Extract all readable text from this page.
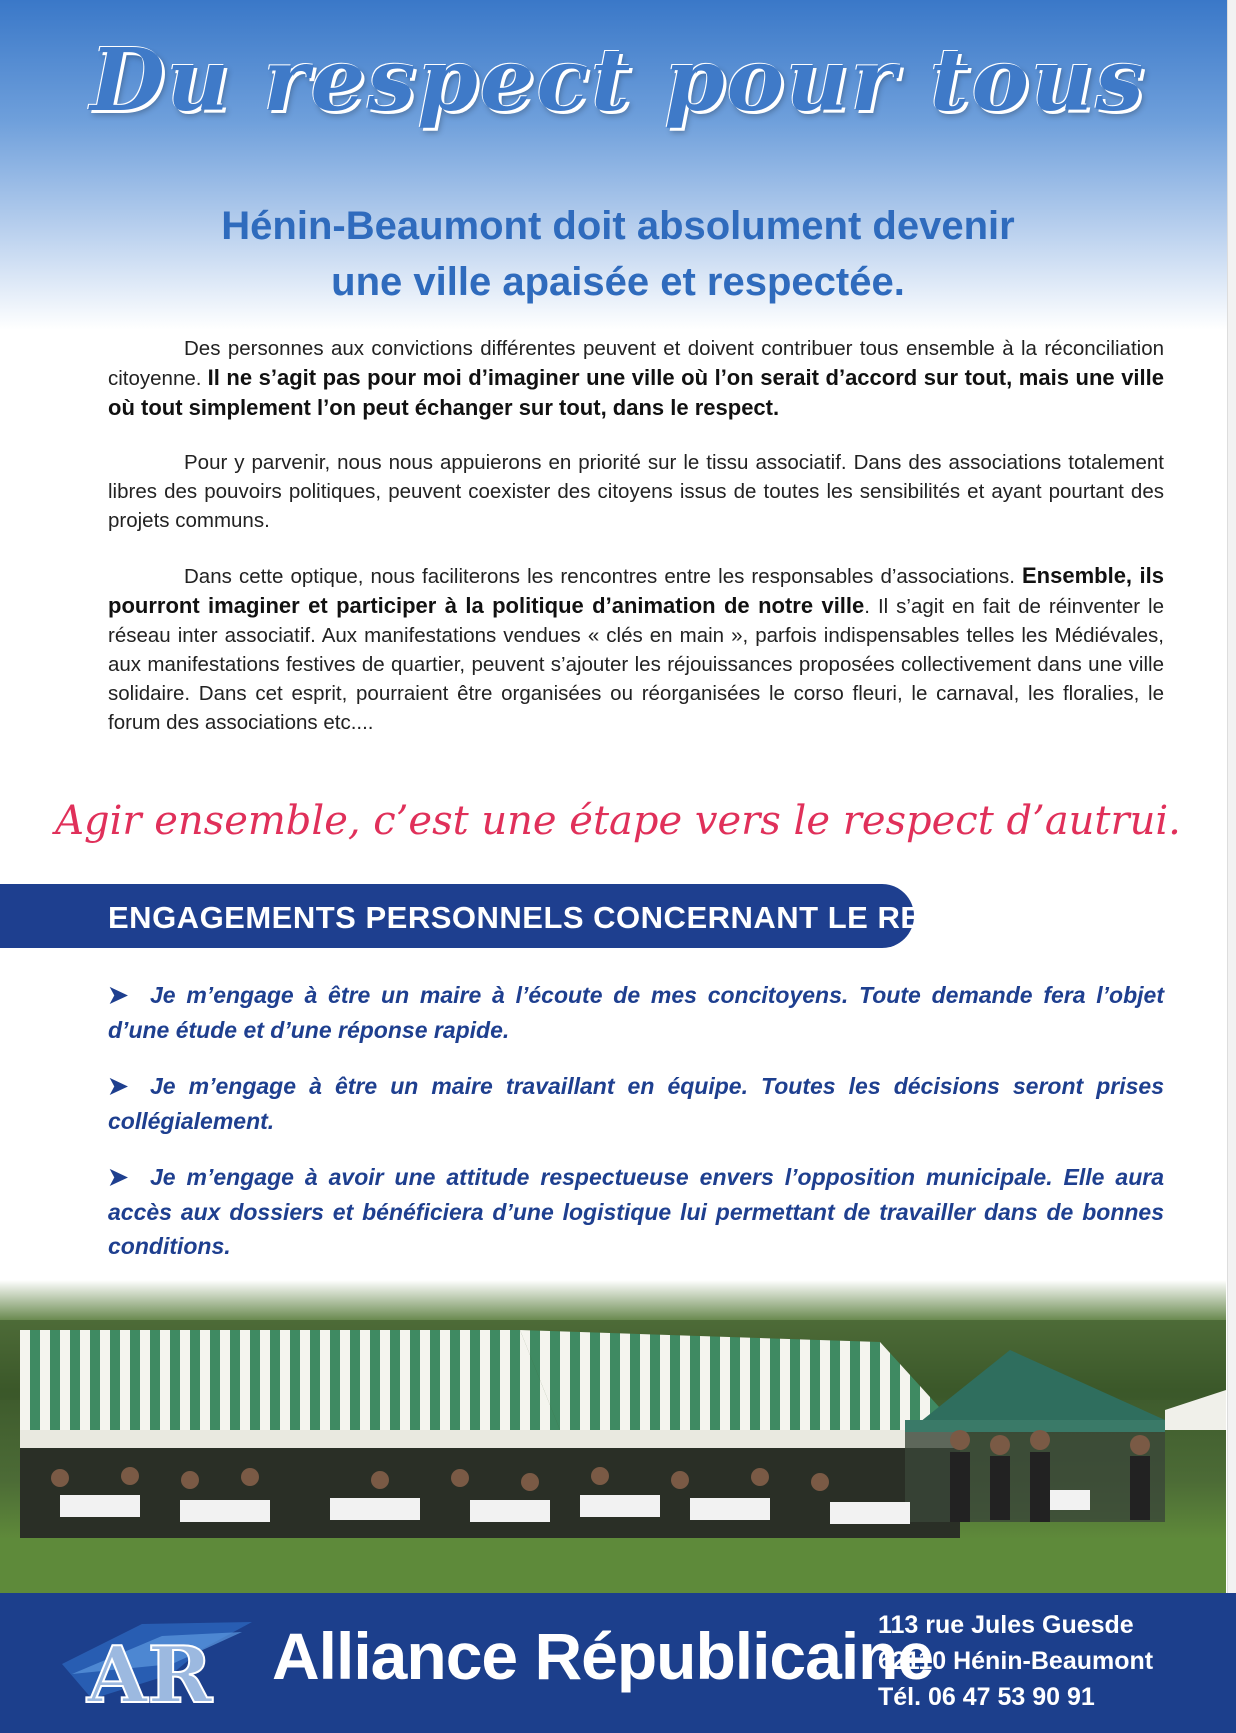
Du respect pour tous
Hénin-Beaumont doit absolument devenir
une ville apaisée et respectée.

Des personnes aux convictions différentes peuvent et doivent contribuer tous ensemble à la réconciliation citoyenne. Il ne s’agit pas pour moi d’imaginer une ville où l’on serait d’accord sur tout, mais une ville où tout simplement l’on peut échanger sur tout, dans le respect.

Pour y parvenir, nous nous appuierons en priorité sur le tissu associatif. Dans des associations totalement libres des pouvoirs politiques, peuvent coexister des citoyens issus de toutes les sensibilités et ayant pourtant des projets communs.

Dans cette optique, nous faciliterons les rencontres entre les responsables d’associations. Ensemble, ils pourront imaginer et participer à la politique d’animation de notre ville. Il s’agit en fait de réinventer le réseau inter associatif. Aux manifestations vendues « clés en main », parfois indispensables telles les Médiévales, aux manifestations festives de quartier, peuvent s’ajouter les réjouissances proposées collectivement dans une ville solidaire. Dans cet esprit, pourraient être organisées ou réorganisées le corso fleuri, le carnaval, les floralies, le forum des associations etc....

Agir ensemble, c’est une étape vers le respect d’autrui.
ENGAGEMENTS PERSONNELS CONCERNANT LE RESPECT :
➤ Je m’engage à être un maire à l’écoute de mes concitoyens. Toute demande fera l’objet d’une étude et d’une réponse rapide.
➤ Je m’engage à être un maire travaillant en équipe. Toutes les décisions seront prises collégialement.
➤ Je m’engage à avoir une attitude respectueuse envers l’opposition municipale. Elle aura accès aux dossiers et bénéficiera d’une logistique lui permettant de travailler dans de bonnes conditions.
AR Alliance Républicaine
113 rue Jules Guesde
62110 Hénin-Beaumont
Tél. 06 47 53 90 91
